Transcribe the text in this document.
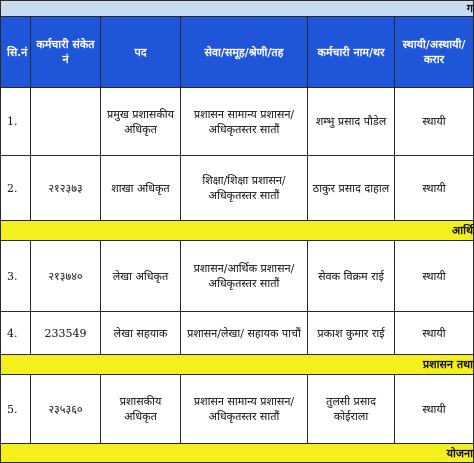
ग					
सि.नं	कर्मचारी संकेत नं	पद	सेवा/समूह/श्रेणी/तह	कर्मचारी नाम/थर	स्थायी/अस्थायी/करार
1.		प्रमुख प्रशासकीय अधिकृत	प्रशासन सामान्य प्रशासन/अधिकृतस्तर सातौं	शम्भु प्रसाद पौडेल	स्थायी
2.	२१२३७३	शाखा अधिकृत	शिक्षा/शिक्षा प्रशासन/अधिकृतस्तर सातौं	ठाकुर प्रसाद दाहाल	स्थायी
आर्थि					
3.	२१३७४०	लेखा अधिकृत	प्रशासन/आर्थिक प्रशासन/अधिकृतस्तर सातौं	सेवक विक्रम राई	स्थायी
4.	233549	लेखा सहयाक	प्रशासन/लेखा/ सहायक पाचौं	प्रकाश कुमार राई	स्थायी
प्रशासन तथा					
5.	२३५३६०	प्रशासकीय अधिकृत	प्रशासन सामान्य प्रशासन/अधिकृतस्तर सातौं	तुलसी प्रसाद कोईराला	स्थायी
योजना					
